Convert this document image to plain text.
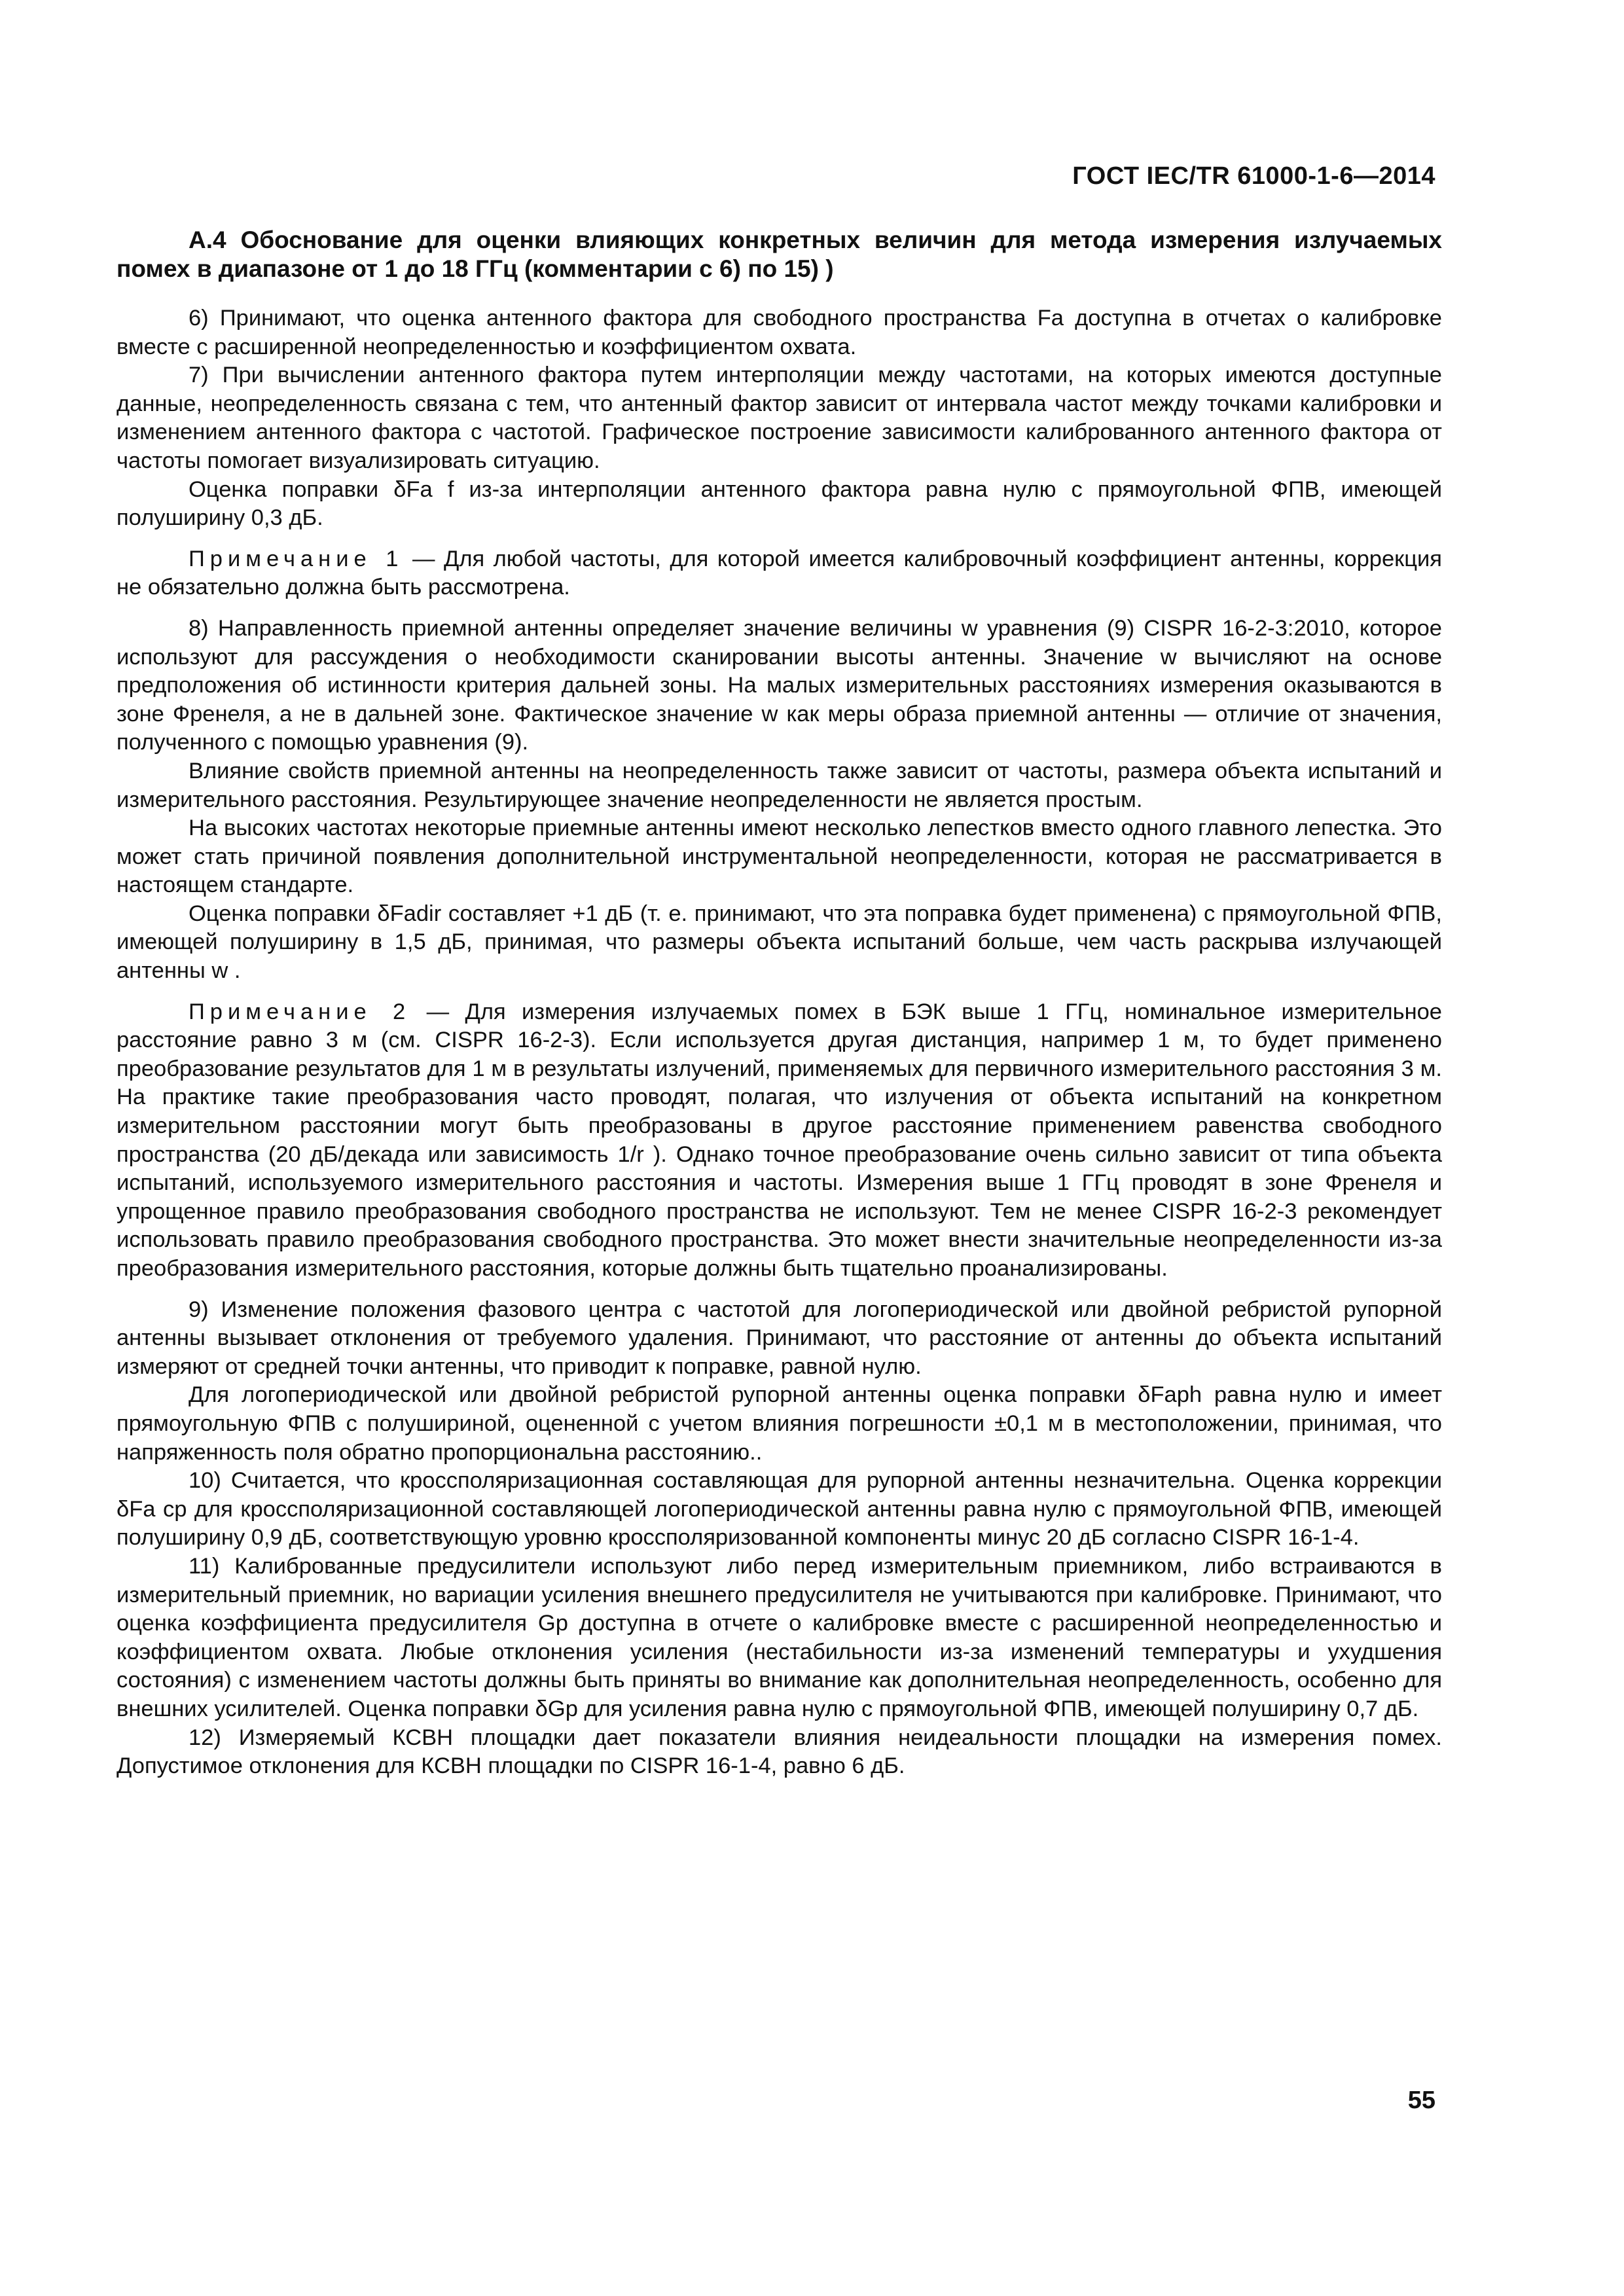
ГОСТ IEC/TR 61000-1-6—2014
А.4 Обоснование для оценки влияющих конкретных величин для метода измерения излучаемых помех в диапазоне от 1 до 18 ГГц (комментарии с 6) по 15) )

6) Принимают, что оценка антенного фактора для свободного пространства Fa доступна в отчетах о калибровке вместе с расширенной неопределенностью и коэффициентом охвата.

7) При вычислении антенного фактора путем интерполяции между частотами, на которых имеются доступные данные, неопределенность связана с тем, что антенный фактор зависит от интервала частот между точками калибровки и изменением антенного фактора с частотой. Графическое построение зависимости калиброванного антенного фактора от частоты помогает визуализировать ситуацию.

Оценка поправки δFa f из-за интерполяции антенного фактора равна нулю с прямоугольной ФПВ, имеющей полуширину 0,3 дБ.

Примечание 1 — Для любой частоты, для которой имеется калибровочный коэффициент антенны, коррекция не обязательно должна быть рассмотрена.

8) Направленность приемной антенны определяет значение величины w уравнения (9) CISPR 16-2-3:2010, которое используют для рассуждения о необходимости сканировании высоты антенны. Значение w вычисляют на основе предположения об истинности критерия дальней зоны. На малых измерительных расстояниях измерения оказываются в зоне Френеля, а не в дальней зоне. Фактическое значение w как меры образа приемной антенны — отличие от значения, полученного с помощью уравнения (9).

Влияние свойств приемной антенны на неопределенность также зависит от частоты, размера объекта испытаний и измерительного расстояния. Результирующее значение неопределенности не является простым.

На высоких частотах некоторые приемные антенны имеют несколько лепестков вместо одного главного лепестка. Это может стать причиной появления дополнительной инструментальной неопределенности, которая не рассматривается в настоящем стандарте.

Оценка поправки δFadir составляет +1 дБ (т. е. принимают, что эта поправка будет применена) с прямоугольной ФПВ, имеющей полуширину в 1,5 дБ, принимая, что размеры объекта испытаний больше, чем часть раскрыва излучающей антенны w .

Примечание 2 — Для измерения излучаемых помех в БЭК выше 1 ГГц, номинальное измерительное расстояние равно 3 м (см. CISPR 16-2-3). Если используется другая дистанция, например 1 м, то будет применено преобразование результатов для 1 м в результаты излучений, применяемых для первичного измерительного расстояния 3 м. На практике такие преобразования часто проводят, полагая, что излучения от объекта испытаний на конкретном измерительном расстоянии могут быть преобразованы в другое расстояние применением равенства свободного пространства (20 дБ/декада или зависимость 1/r ). Однако точное преобразование очень сильно зависит от типа объекта испытаний, используемого измерительного расстояния и частоты. Измерения выше 1 ГГц проводят в зоне Френеля и упрощенное правило преобразования свободного пространства не используют. Тем не менее CISPR 16-2-3 рекомендует использовать правило преобразования свободного пространства. Это может внести значительные неопределенности из-за преобразования измерительного расстояния, которые должны быть тщательно проанализированы.

9) Изменение положения фазового центра с частотой для логопериодической или двойной ребристой рупорной антенны вызывает отклонения от требуемого удаления. Принимают, что расстояние от антенны до объекта испытаний измеряют от средней точки антенны, что приводит к поправке, равной нулю.

Для логопериодической или двойной ребристой рупорной антенны оценка поправки δFaph равна нулю и имеет прямоугольную ФПВ с полушириной, оцененной с учетом влияния погрешности ±0,1 м в местоположении, принимая, что напряженность поля обратно пропорциональна расстоянию..

10) Считается, что кроссполяризационная составляющая для рупорной антенны незначительна. Оценка коррекции δFa cp для кроссполяризационной составляющей логопериодической антенны равна нулю с прямоугольной ФПВ, имеющей полуширину 0,9 дБ, соответствующую уровню кроссполяризованной компоненты минус 20 дБ согласно CISPR 16-1-4.

11) Калиброванные предусилители используют либо перед измерительным приемником, либо встраиваются в измерительный приемник, но вариации усиления внешнего предусилителя не учитываются при калибровке. Принимают, что оценка коэффициента предусилителя Gp доступна в отчете о калибровке вместе с расширенной неопределенностью и коэффициентом охвата. Любые отклонения усиления (нестабильности из-за изменений температуры и ухудшения состояния) с изменением частоты должны быть приняты во внимание как дополнительная неопределенность, особенно для внешних усилителей. Оценка поправки δGp для усиления равна нулю с прямоугольной ФПВ, имеющей полуширину 0,7 дБ.

12) Измеряемый КСВН площадки дает показатели влияния неидеальности площадки на измерения помех. Допустимое отклонения для КСВН площадки по CISPR 16-1-4, равно 6 дБ.

55
